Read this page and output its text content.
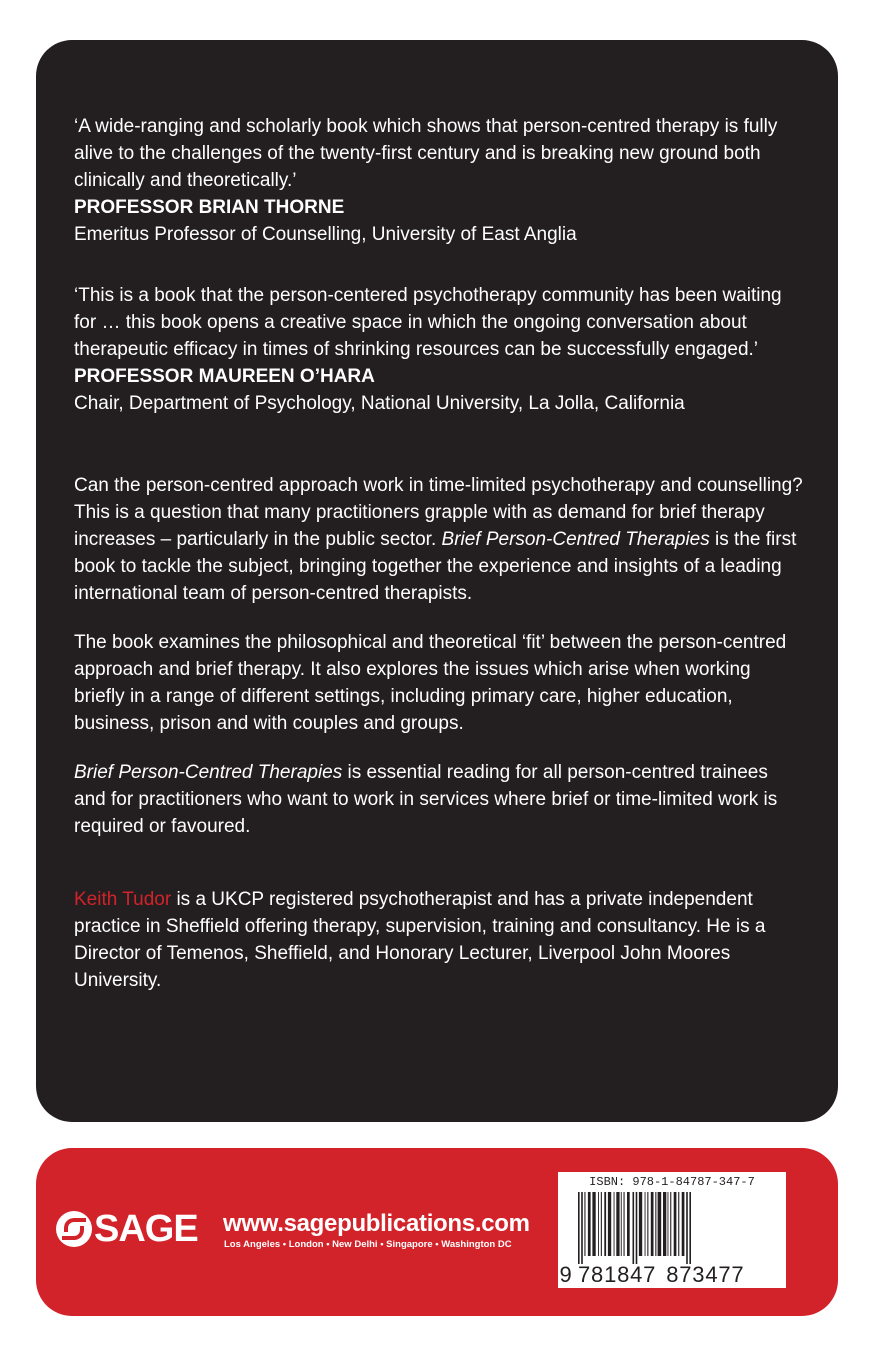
‘A wide-ranging and scholarly book which shows that person-centred therapy is fully alive to the challenges of the twenty-first century and is breaking new ground both clinically and theoretically.’

PROFESSOR BRIAN THORNE

Emeritus Professor of Counselling, University of East Anglia

‘This is a book that the person-centered psychotherapy community has been waiting for … this book opens a creative space in which the ongoing conversation about therapeutic efficacy in times of shrinking resources can be successfully engaged.’

PROFESSOR MAUREEN O’HARA

Chair, Department of Psychology, National University, La Jolla, California

Can the person-centred approach work in time-limited psychotherapy and counselling? This is a question that many practitioners grapple with as demand for brief therapy increases – particularly in the public sector. Brief Person-Centred Therapies is the first book to tackle the subject, bringing together the experience and insights of a leading international team of person-centred therapists.

The book examines the philosophical and theoretical ‘fit’ between the person-centred approach and brief therapy. It also explores the issues which arise when working briefly in a range of different settings, including primary care, higher education, business, prison and with couples and groups.

Brief Person-Centred Therapies is essential reading for all person-centred trainees and for practitioners who want to work in services where brief or time-limited work is required or favoured.

Keith Tudor is a UKCP registered psychotherapist and has a private independent practice in Sheffield offering therapy, supervision, training and consultancy. He is a Director of Temenos, Sheffield, and Honorary Lecturer, Liverpool John Moores University.

SAGE www.sagepublications.com
Los Angeles • London • New Delhi • Singapore • Washington DC
ISBN: 978-1-84787-347-7
9 781847 873477
